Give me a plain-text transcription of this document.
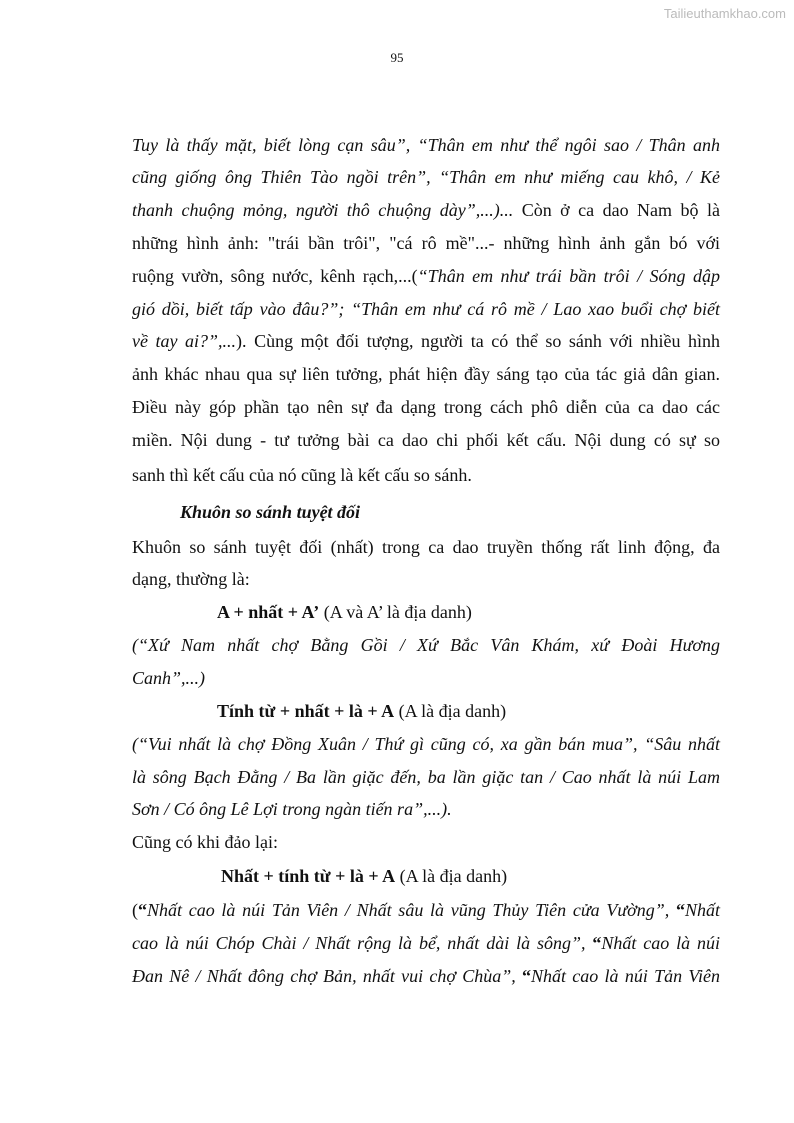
Tailieuthamkhao.com
95
Tuy là thấy mặt, biết lòng cạn sâu”, “Thân em như thể ngôi sao / Thân anh
cũng giống ông Thiên Tào ngồi trên”, “Thân em như miếng cau khô, / Kẻ
thanh chuộng mỏng, người thô chuộng dày”,...)... Còn ở ca dao Nam bộ là
những hình ảnh: "trái bần trôi", "cá rô mề"...- những hình ảnh gắn bó với
ruộng vườn, sông nước, kênh rạch,...(“Thân em như trái bần trôi / Sóng dập
gió dồi, biết tấp vào đâu?”; “Thân em như cá rô mề / Lao xao buổi chợ biết
về tay ai?”,...). Cùng một đối tượng, người ta có thể so sánh với nhiều hình
ảnh khác nhau qua sự liên tưởng, phát hiện đầy sáng tạo của tác giả dân gian.
Điều này góp phần tạo nên sự đa dạng trong cách phô diễn của ca dao các
miền. Nội dung - tư tưởng bài ca dao chi phối kết cấu. Nội dung có sự so
sanh thì kết cấu của nó cũng là kết cấu so sánh.
Khuôn so sánh tuyệt đối
Khuôn so sánh tuyệt đối (nhất) trong ca dao truyền thống rất linh động, đa
dạng, thường là:
A + nhất + A’ (A và A’ là địa danh)
(“Xứ Nam nhất chợ Bằng Gồi / Xứ Bắc Vân Khám, xứ Đoài Hương
Canh”,...)
Tính từ + nhất + là + A (A là địa danh)
(“Vui nhất là chợ Đồng Xuân / Thứ gì cũng có, xa gần bán mua”, “Sâu nhất
là sông Bạch Đằng / Ba lần giặc đến, ba lần giặc tan / Cao nhất là núi Lam
Sơn / Có ông Lê Lợi trong ngàn tiến ra”,...).
Cũng có khi đảo lại:
Nhất + tính từ + là + A (A là địa danh)
(“Nhất cao là núi Tản Viên / Nhất sâu là vũng Thủy Tiên cửa Vường”, “Nhất
cao là núi Chóp Chài / Nhất rộng là bể, nhất dài là sông”, “Nhất cao là núi
Đan Nê / Nhất đông chợ Bản, nhất vui chợ Chùa”, “Nhất cao là núi Tản Viên
